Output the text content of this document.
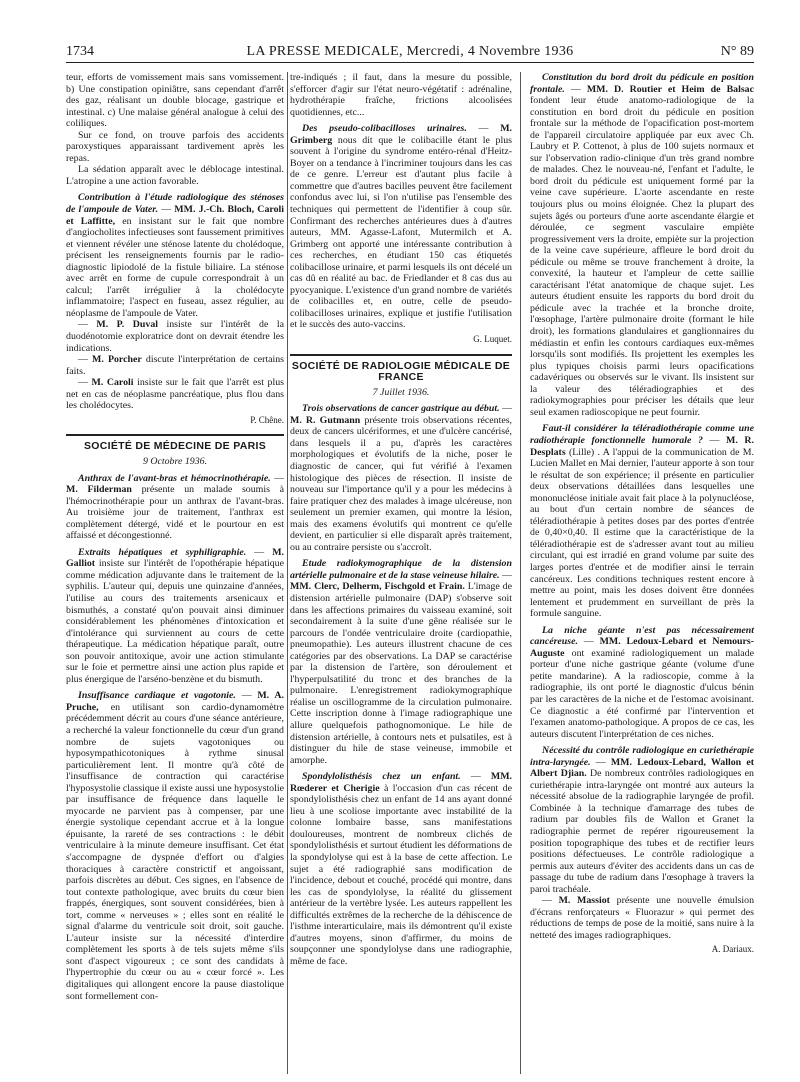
1734	LA PRESSE MEDICALE, Mercredi, 4 Novembre 1936	N° 89

teur, efforts de vomissement mais sans vomissement. b) Une constipation opiniâtre, sans cependant d'arrêt des gaz, réalisant un double blocage, gastrique et intestinal. c) Une malaise général analogue à celui des coliliques.

Sur ce fond, on trouve parfois des accidents paroxystiques apparaissant tardivement après les repas.

La sédation apparaît avec le déblocage intestinal. L'atropine a une action favorable.

Contribution à l'étude radiologique des sténoses de l'ampoule de Vater. — MM. J.-Ch. Bloch, Caroli et Laffitte, en insistant sur le fait que nombre d'angiocholites infectieuses sont faussement primitives et viennent révéler une sténose latente du cholédoque, précisent les renseignements fournis par le radio-diagnostic lipiodolé de la fistule biliaire. La sténose avec arrêt en forme de cupule correspondrait à un calcul; l'arrêt irrégulier à la cholédocyte inflammatoire; l'aspect en fuseau, assez régulier, au néoplasme de l'ampoule de Vater.

— M. P. Duval insiste sur l'intérêt de la duodénotomie exploratrice dont on devrait étendre les indications.

— M. Porcher discute l'interprétation de certains faits.

— M. Caroli insiste sur le fait que l'arrêt est plus net en cas de néoplasme pancréatique, plus flou dans les cholédocytes.

P. Chêne.
SOCIÉTÉ DE MÉDECINE DE PARIS
9 Octobre 1936.

Anthrax de l'avant-bras et hémocrinothérapie. — M. Filderman présente un malade soumis à l'hémocrinothérapie pour un anthrax de l'avant-bras. Au troisième jour de traitement, l'anthrax est complètement détergé, vidé et le pourtour en est affaissé et décongestionné.

Extraits hépatiques et syphiligraphie. — M. Galliot insiste sur l'intérêt de l'opothérapie hépatique comme médication adjuvante dans le traitement de la syphilis. L'auteur qui, depuis une quinzaine d'années, l'utilise au cours des traitements arsenicaux et bismuthés, a constaté qu'on pouvait ainsi diminuer considérablement les phénomènes d'intoxication et d'intolérance qui surviennent au cours de cette thérapeutique. La médication hépatique paraît, outre son pouvoir antitoxique, avoir une action stimulante sur le foie et permettre ainsi une action plus rapide et plus énergique de l'arséno-benzène et du bismuth.

Insuffisance cardiaque et vagotonie. — M. A. Pruche, en utilisant son cardio-dynamomètre précédemment décrit au cours d'une séance antérieure, a recherché la valeur fonctionnelle du cœur d'un grand nombre de sujets vagotoniques ou hyposympathicotoniques à rythme sinusal particulièrement lent. Il montre qu'à côté de l'insuffisance de contraction qui caractérise l'hyposystolie classique il existe aussi une hyposystolie par insuffisance de fréquence dans laquelle le myocarde ne parvient pas à compenser, par une énergie systolique cependant accrue et à la longue épuisante, la rareté de ses contractions : le débit ventriculaire à la minute demeure insuffisant. Cet état s'accompagne de dyspnée d'effort ou d'algies thoraciques à caractère constrictif et angoissant, parfois discrètes au début. Ces signes, en l'absence de tout contexte pathologique, avec bruits du cœur bien frappés, énergiques, sont souvent considérées, bien à tort, comme « nerveuses » ; elles sont en réalité le signal d'alarme du ventricule soit droit, soit gauche. L'auteur insiste sur la nécessité d'interdire complètement les sports à de tels sujets même s'ils sont d'aspect vigoureux ; ce sont des candidats à l'hypertrophie du cœur ou au « cœur forcé ». Les digitaliques qui allongent encore la pause diastolique sont formellement con-

tre-indiqués ; il faut, dans la mesure du possible, s'efforcer d'agir sur l'état neuro-végétatif : adrénaline, hydrothérapie fraîche, frictions alcoolisées quotidiennes, etc...

Des pseudo-colibacilloses urinaires. — M. Grimberg nous dit que le colibacille étant le plus souvent à l'origine du syndrome entéro-rénal d'Heitz-Boyer on a tendance à l'incriminer toujours dans les cas de ce genre. L'erreur est d'autant plus facile à commettre que d'autres bacilles peuvent être facilement confondus avec lui, si l'on n'utilise pas l'ensemble des techniques qui permettent de l'identifier à coup sûr. Confirmant des recherches antérieures dues à d'autres auteurs, MM. Agasse-Lafont, Mutermilch et A. Grimberg ont apporté une intéressante contribution à ces recherches, en étudiant 150 cas étiquetés colibacillose urinaire, et parmi lesquels ils ont décelé un cas dû en réalité au bac. de Friedlander et 8 cas dus au pyocyanique. L'existence d'un grand nombre de variétés de colibacilles et, en outre, celle de pseudo-colibacilloses urinaires, explique et justifie l'utilisation et le succès des auto-vaccins.

G. Luquet.
SOCIÉTÉ DE RADIOLOGIE MÉDICALE DE FRANCE
7 Juillet 1936.

Trois observations de cancer gastrique au début. — M. R. Gutmann présente trois observations récentes, deux de cancers ulcériformes, et une d'ulcère cancérisé, dans lesquels il a pu, d'après les caractères morphologiques et évolutifs de la niche, poser le diagnostic de cancer, qui fut vérifié à l'examen histologique des pièces de résection. Il insiste de nouveau sur l'importance qu'il y a pour les médecins à faire pratiquer chez des malades à image ulcéreuse, non seulement un premier examen, qui montre la lésion, mais des examens évolutifs qui montrent ce qu'elle devient, en particulier si elle disparaît après traitement, ou au contraire persiste ou s'accroît.

Etude radiokymographique de la distension artérielle pulmonaire et de la stase veineuse hilaire. — MM. Clerc, Delherm, Fischgold et Frain. L'image de distension artérielle pulmonaire (DAP) s'observe soit dans les affections primaires du vaisseau examiné, soit secondairement à la suite d'une gêne réalisée sur le parcours de l'ondée ventriculaire droite (cardiopathie, pneumopathie). Les auteurs illustrent chacune de ces catégories par des observations. La DAP se caractérise par la distension de l'artère, son déroulement et l'hyperpulsatilité du tronc et des branches de la pulmonaire. L'enregistrement radiokymographique réalise un oscillogramme de la circulation pulmonaire. Cette inscription donne à l'image radiographique une allure quelquefois pathognomonique. Le hile de distension artérielle, à contours nets et pulsatiles, est à distinguer du hile de stase veineuse, immobile et amorphe.

Spondylolisthésis chez un enfant. — MM. Rœderer et Cherigie à l'occasion d'un cas récent de spondylolisthésis chez un enfant de 14 ans ayant donné lieu à une scoliose importante avec instabilité de la colonne lombaire basse, sans manifestations douloureuses, montrent de nombreux clichés de spondylolisthésis et surtout étudient les déformations de la spondylolyse qui est à la base de cette affection. Le sujet a été radiographié sans modification de l'incidence, debout et couché, procédé qui montre, dans les cas de spondylolyse, la réalité du glissement antérieur de la vertèbre lysée. Les auteurs rappellent les difficultés extrêmes de la recherche de la déhiscence de l'isthme interarticulaire, mais ils démontrent qu'il existe d'autres moyens, sinon d'affirmer, du moins de soupçonner une spondylolyse dans une radiographie, même de face.

Constitution du bord droit du pédicule en position frontale. — MM. D. Routier et Heim de Balsac fondent leur étude anatomo-radiologique de la constitution en bord droit du pédicule en position frontale sur la méthode de l'opacification post-mortem de l'appareil circulatoire appliquée par eux avec Ch. Laubry et P. Cottenot, à plus de 100 sujets normaux et sur l'observation radio-clinique d'un très grand nombre de malades. Chez le nouveau-né, l'enfant et l'adulte, le bord droit du pédicule est uniquement formé par la veine cave supérieure. L'aorte ascendante en reste toujours plus ou moins éloignée. Chez la plupart des sujets âgés ou porteurs d'une aorte ascendante élargie et déroulée, ce segment vasculaire empiète progressivement vers la droite, empiète sur la projection de la veine cave supérieure, affleure le bord droit du pédicule ou même se trouve franchement à droite, la convexité, la hauteur et l'ampleur de cette saillie caractérisant l'état anatomique de chaque sujet. Les auteurs étudient ensuite les rapports du bord droit du pédicule avec la trachée et la bronche droite, l'œsophage, l'artère pulmonaire droite (formant le hile droit), les formations glandulaires et ganglionnaires du médiastin et enfin les contours cardiaques eux-mêmes lorsqu'ils sont modifiés. Ils projettent les exemples les plus typiques choisis parmi leurs opacifications cadavériques ou observés sur le vivant. Ils insistent sur la valeur des téléradiographies et des radiokymographies pour préciser les détails que leur seul examen radioscopique ne peut fournir.

Faut-il considérer la téléradiothérapie comme une radiothérapie fonctionnelle humorale ? — M. R. Desplats (Lille) . A l'appui de la communication de M. Lucien Mallet en Mai dernier, l'auteur apporte à son tour le résultat de son expérience; il présente en particulier deux observations détaillées dans lesquelles une mononucléose initiale avait fait place à la polynucléose, au bout d'un certain nombre de séances de téléradiothérapie à petites doses par des portes d'entrée de 0,40×0,40. Il estime que la caractéristique de la téléradiothérapie est de s'adresser avant tout au milieu circulant, qui est irradié en grand volume par suite des larges portes d'entrée et de modifier ainsi le terrain cancéreux. Les conditions techniques restent encore à mettre au point, mais les doses doivent être données lentement et prudemment en surveillant de près la formule sanguine.

La niche géante n'est pas nécessairement cancéreuse. — MM. Ledoux-Lebard et Nemours-Auguste ont examiné radiologiquement un malade porteur d'une niche gastrique géante (volume d'une petite mandarine). A la radioscopie, comme à la radiographie, ils ont porté le diagnostic d'ulcus bénin par les caractères de la niche et de l'estomac avoisinant. Ce diagnostic a été confirmé par l'intervention et l'examen anatomo-pathologique. A propos de ce cas, les auteurs discutent l'interprétation de ces niches.

Nécessité du contrôle radiologique en curiethérapie intra-laryngée. — MM. Ledoux-Lebard, Wallon et Albert Djian. De nombreux contrôles radiologiques en curiethérapie intra-laryngée ont montré aux auteurs la nécessité absolue de la radiographie laryngée de profil. Combinée à la technique d'amarrage des tubes de radium par doubles fils de Wallon et Granet la radiographie permet de repérer rigoureusement la position topographique des tubes et de rectifier leurs positions défectueuses. Le contrôle radiologique a permis aux auteurs d'éviter des accidents dans un cas de passage du tube de radium dans l'œsophage à travers la paroi trachéale.

— M. Massiot présente une nouvelle émulsion d'écrans renforçateurs « Fluorazur » qui permet des réductions de temps de pose de la moitié, sans nuire à la netteté des images radiographiques.

A. Dariaux.
